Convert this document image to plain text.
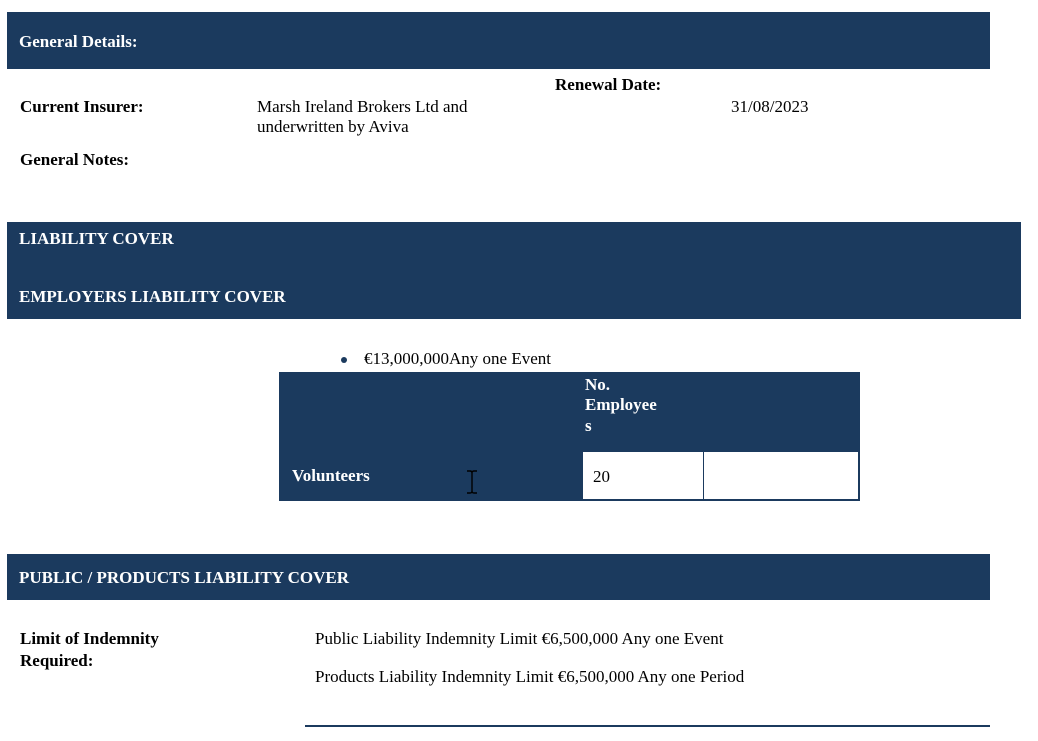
General Details:
Renewal Date:
Current Insurer:	Marsh Ireland Brokers Ltd and
underwritten by Aviva
31/08/2023
General Notes:
LIABILITY COVER
EMPLOYERS LIABILITY COVER
€13,000,000Any one Event
No.
Employee
s
Volunteers	20
PUBLIC / PRODUCTS LIABILITY COVER
Limit of Indemnity
Required:
Public Liability Indemnity Limit €6,500,000 Any one Event
Products Liability Indemnity Limit €6,500,000 Any one Period
